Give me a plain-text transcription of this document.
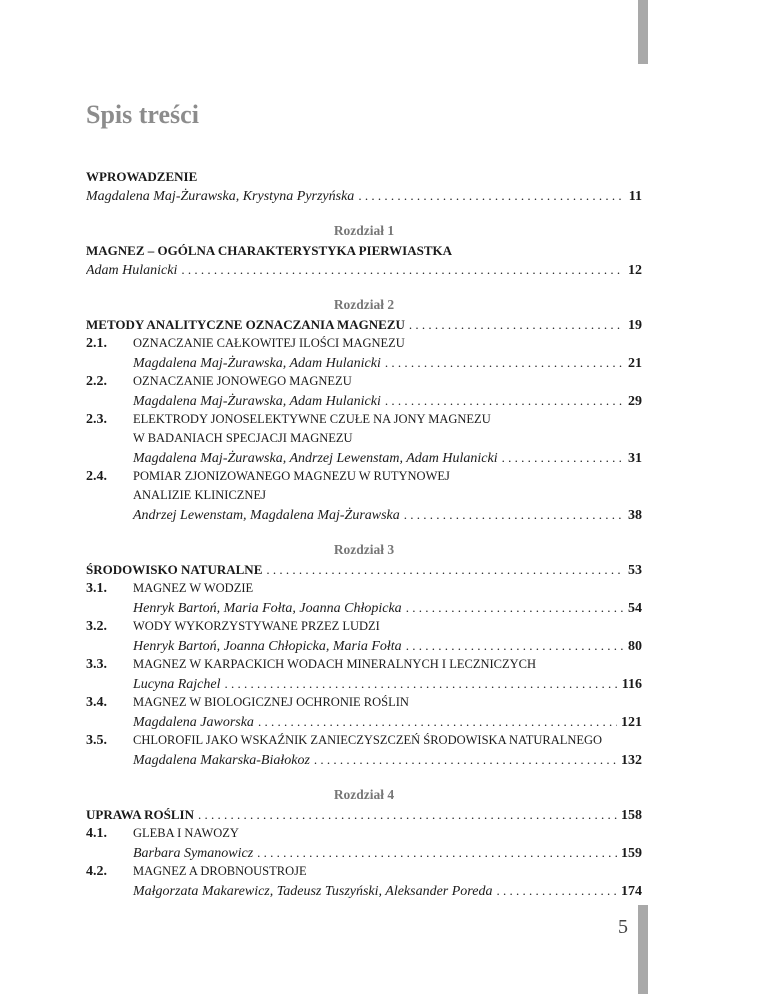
Spis treści
WPROWADZENIE
Magdalena Maj-Żurawska, Krystyna Pyrzyńska . . .	11
Rozdział 1
MAGNEZ – OGÓLNA CHARAKTERYSTYKA PIERWIASTKA
Adam Hulanicki . . .	12
Rozdział 2
METODY ANALITYCZNE OZNACZANIA MAGNEZU . . .	19
2.1.	OZNACZANIE CAŁKOWITEJ ILOŚCI MAGNEZU
Magdalena Maj-Żurawska, Adam Hulanicki . . .	21
2.2.	OZNACZANIE JONOWEGO MAGNEZU
Magdalena Maj-Żurawska, Adam Hulanicki . . .	29
2.3.	ELEKTRODY JONOSELEKTYWNE CZUŁE NA JONY MAGNEZU
W BADANIACH SPECJACJI MAGNEZU
Magdalena Maj-Żurawska, Andrzej Lewenstam, Adam Hulanicki . . .	31
2.4.	POMIAR ZJONIZOWANEGO MAGNEZU W RUTYNOWEJ
ANALIZIE KLINICZNEJ
Andrzej Lewenstam, Magdalena Maj-Żurawska . . .	38
Rozdział 3
ŚRODOWISKO NATURALNE . . .	53
3.1.	MAGNEZ W WODZIE
Henryk Bartoń, Maria Fołta, Joanna Chłopicka . . .	54
3.2.	WODY WYKORZYSTYWANE PRZEZ LUDZI
Henryk Bartoń, Joanna Chłopicka, Maria Fołta . . .	80
3.3.	MAGNEZ W KARPACKICH WODACH MINERALNYCH I LECZNICZYCH
Lucyna Rajchel . . .	116
3.4.	MAGNEZ W BIOLOGICZNEJ OCHRONIE ROŚLIN
Magdalena Jaworska . . .	121
3.5.	CHLOROFIL JAKO WSKAŹNIK ZANIECZYSZCZEŃ ŚRODOWISKA NATURALNEGO
Magdalena Makarska-Białokoz . . .	132
Rozdział 4
UPRAWA ROŚLIN . . .	158
4.1.	GLEBA I NAWOZY
Barbara Symanowicz . . .	159
4.2.	MAGNEZ A DROBNOUSTROJE
Małgorzata Makarewicz, Tadeusz Tuszyński, Aleksander Poreda . . .	174
5
